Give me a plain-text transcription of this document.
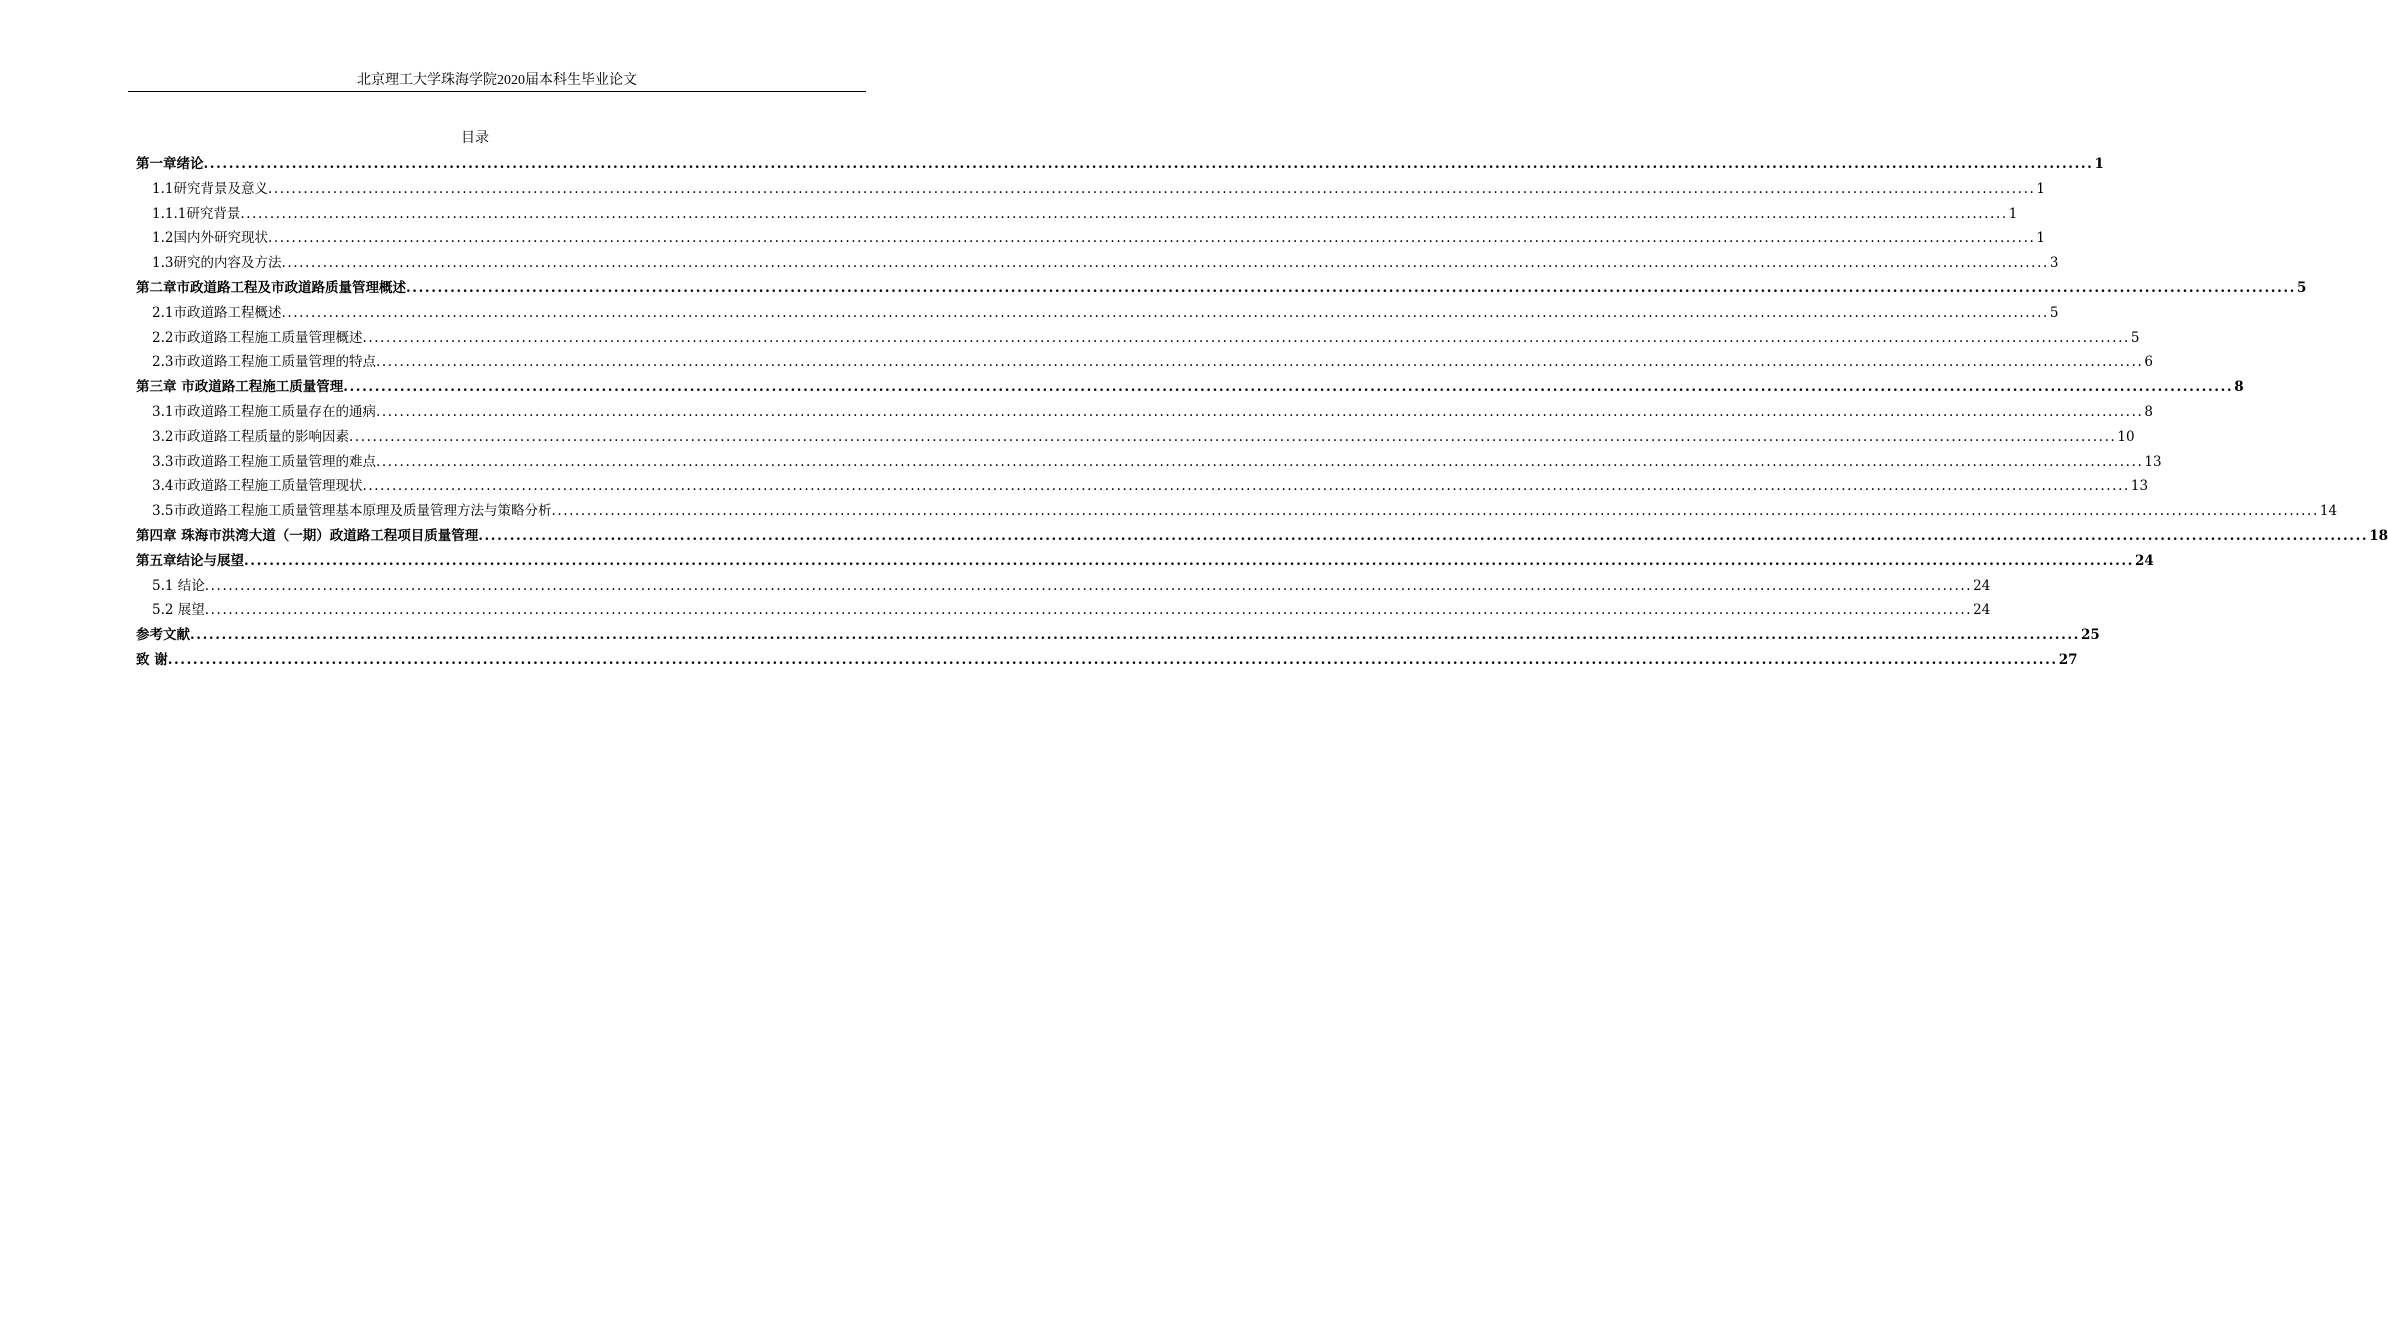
北京理工大学珠海学院2020届本科生毕业论文
目录
第一章绪论 ............................................................................................................................................................................................................................................................................................................ 1
1.1研究背景及意义 ............................................................................................................................................................................................................................................................................................................ 1
1.1.1研究背景 ............................................................................................................................................................................................................................................................................................................ 1
1.2国内外研究现状 ............................................................................................................................................................................................................................................................................................................ 1
1.3研究的内容及方法 ............................................................................................................................................................................................................................................................................................................ 3
第二章市政道路工程及市政道路质量管理概述 ............................................................................................................................................................................................................................................................................................................ 5
2.1市政道路工程概述 ............................................................................................................................................................................................................................................................................................................ 5
2.2市政道路工程施工质量管理概述 ............................................................................................................................................................................................................................................................................................................ 5
2.3市政道路工程施工质量管理的特点 ............................................................................................................................................................................................................................................................................................................ 6
第三章 市政道路工程施工质量管理 ............................................................................................................................................................................................................................................................................................................ 8
3.1市政道路工程施工质量存在的通病 ............................................................................................................................................................................................................................................................................................................ 8
3.2市政道路工程质量的影响因素 ............................................................................................................................................................................................................................................................................................................ 10
3.3市政道路工程施工质量管理的难点 ............................................................................................................................................................................................................................................................................................................ 13
3.4市政道路工程施工质量管理现状 ............................................................................................................................................................................................................................................................................................................ 13
3.5市政道路工程施工质量管理基本原理及质量管理方法与策略分析 ............................................................................................................................................................................................................................................................................................................ 14
第四章 珠海市洪湾大道（一期）政道路工程项目质量管理 ............................................................................................................................................................................................................................................................................................................ 18
第五章结论与展望 ............................................................................................................................................................................................................................................................................................................ 24
5.1 结论 ............................................................................................................................................................................................................................................................................................................ 24
5.2 展望 ............................................................................................................................................................................................................................................................................................................ 24
参考文献 ............................................................................................................................................................................................................................................................................................................ 25
致 谢 ............................................................................................................................................................................................................................................................................................................ 27
